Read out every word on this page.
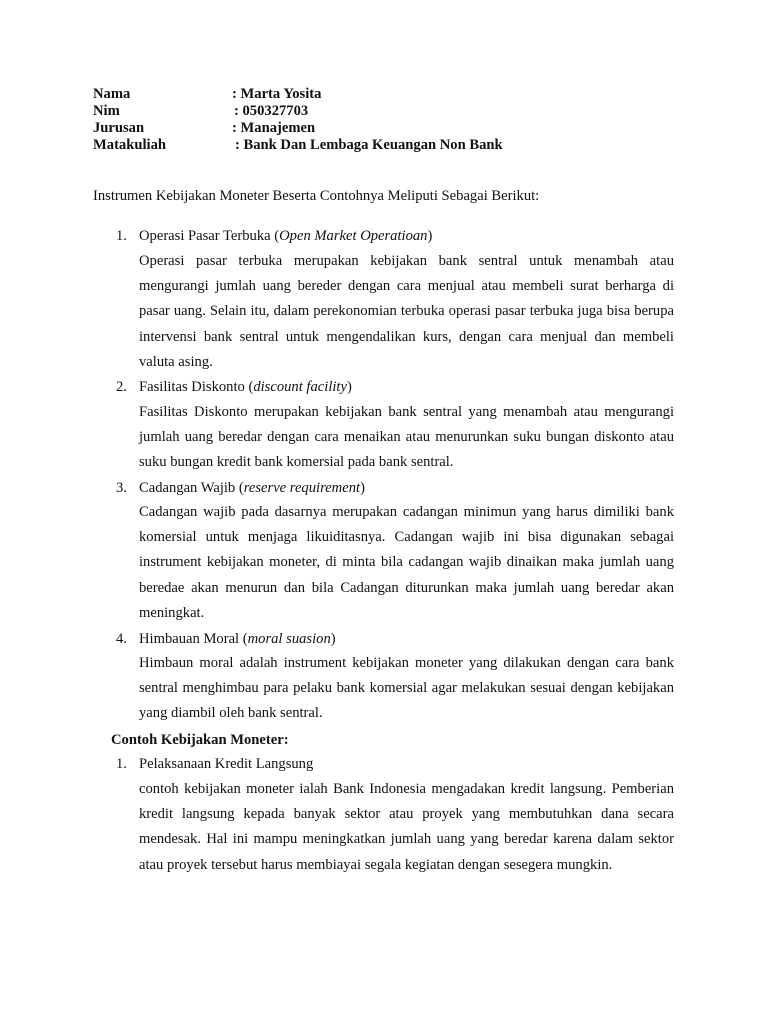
Nama	: Marta Yosita
Nim	: 050327703
Jurusan	: Manajemen
Matakuliah	: Bank Dan Lembaga Keuangan Non Bank
Instrumen Kebijakan Moneter Beserta Contohnya Meliputi Sebagai Berikut:
1. Operasi Pasar Terbuka (Open Market Operatioan)

Operasi pasar terbuka merupakan kebijakan bank sentral untuk menambah atau mengurangi jumlah uang bereder dengan cara menjual atau membeli surat berharga di pasar uang. Selain itu, dalam perekonomian terbuka operasi pasar terbuka juga bisa berupa intervensi bank sentral untuk mengendalikan kurs, dengan cara menjual dan membeli valuta asing.

2. Fasilitas Diskonto (discount facility)

Fasilitas Diskonto merupakan kebijakan bank sentral yang menambah atau mengurangi jumlah uang beredar dengan cara menaikan atau menurunkan suku bungan diskonto atau suku bungan kredit bank komersial pada bank sentral.

3. Cadangan Wajib (reserve requirement)

Cadangan wajib pada dasarnya merupakan cadangan minimun yang harus dimiliki bank komersial untuk menjaga likuiditasnya. Cadangan wajib ini bisa digunakan sebagai instrument kebijakan moneter, di minta bila cadangan wajib dinaikan maka jumlah uang beredae akan menurun dan bila Cadangan diturunkan maka jumlah uang beredar akan meningkat.

4. Himbauan Moral (moral suasion)

Himbaun moral adalah instrument kebijakan moneter yang dilakukan dengan cara bank sentral menghimbau para pelaku bank komersial agar melakukan sesuai dengan kebijakan yang diambil oleh bank sentral.

Contoh Kebijakan Moneter:
1. Pelaksanaan Kredit Langsung

contoh kebijakan moneter ialah Bank Indonesia mengadakan kredit langsung. Pemberian kredit langsung kepada banyak sektor atau proyek yang membutuhkan dana secara mendesak. Hal ini mampu meningkatkan jumlah uang yang beredar karena dalam sektor atau proyek tersebut harus membiayai segala kegiatan dengan sesegera mungkin.
